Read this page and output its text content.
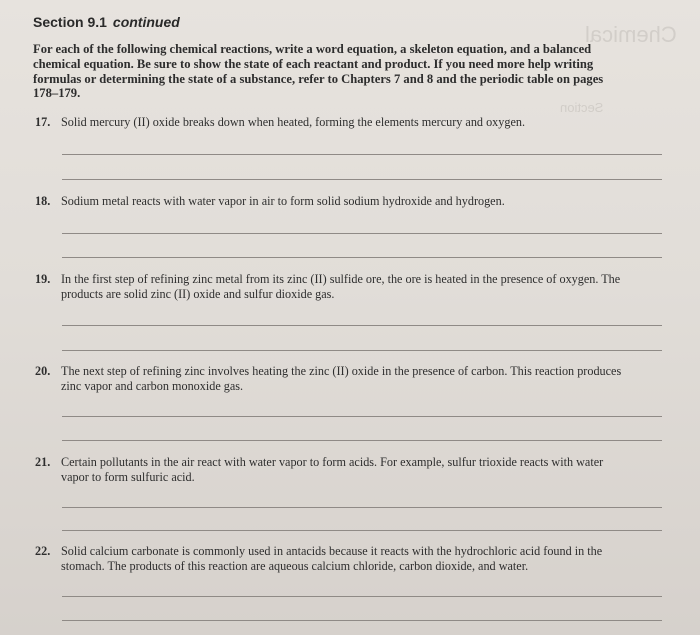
Chemical
Section
Section 9.1 continued
For each of the following chemical reactions, write a word equation, a skeleton equation, and a balanced chemical equation. Be sure to show the state of each reactant and product. If you need more help writing formulas or determining the state of a substance, refer to Chapters 7 and 8 and the periodic table on pages 178–179.
17. Solid mercury (II) oxide breaks down when heated, forming the elements mercury and oxygen.
18. Sodium metal reacts with water vapor in air to form solid sodium hydroxide and hydrogen.
19. In the first step of refining zinc metal from its zinc (II) sulfide ore, the ore is heated in the presence of oxygen. The
products are solid zinc (II) oxide and sulfur dioxide gas.
20. The next step of refining zinc involves heating the zinc (II) oxide in the presence of carbon. This reaction produces
zinc vapor and carbon monoxide gas.
21. Certain pollutants in the air react with water vapor to form acids. For example, sulfur trioxide reacts with water
vapor to form sulfuric acid.
22. Solid calcium carbonate is commonly used in antacids because it reacts with the hydrochloric acid found in the
stomach. The products of this reaction are aqueous calcium chloride, carbon dioxide, and water.
